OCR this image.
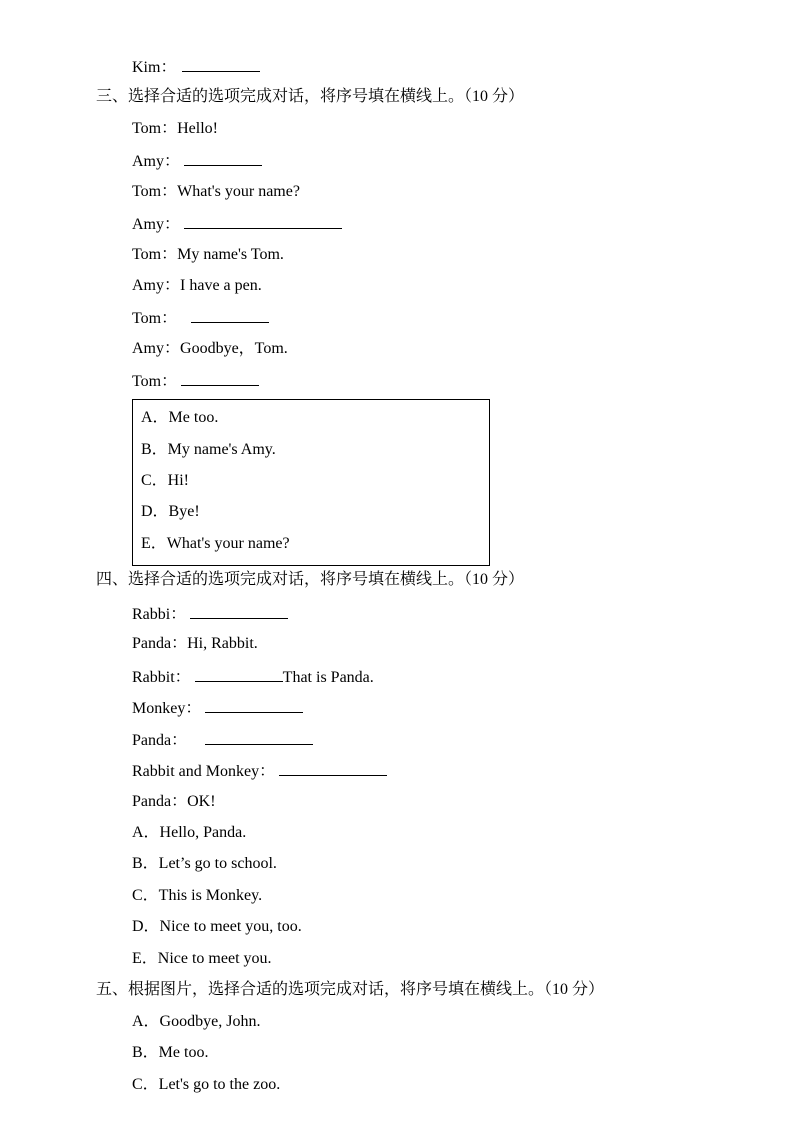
Kim：
三、选择合适的选项完成对话，将序号填在横线上。（10 分）
Tom：Hello!
Amy：
Tom：What's your name?
Amy：
Tom：My name's Tom.
Amy：I have a pen.
Tom：
Amy：Goodbye，Tom.
Tom：
A．Me too.
B．My name's Amy.
C．Hi!
D．Bye!
E．What's your name?
四、选择合适的选项完成对话，将序号填在横线上。（10 分）
Rabbi：
Panda：Hi, Rabbit.
Rabbit：	That is Panda.
Monkey：
Panda：
Rabbit and Monkey：
Panda：OK!
A．Hello, Panda.
B．Let’s go to school.
C．This is Monkey.
D．Nice to meet you, too.
E．Nice to meet you.
五、根据图片，选择合适的选项完成对话，将序号填在横线上。（10 分）
A．Goodbye, John.
B．Me too.
C．Let's go to the zoo.
